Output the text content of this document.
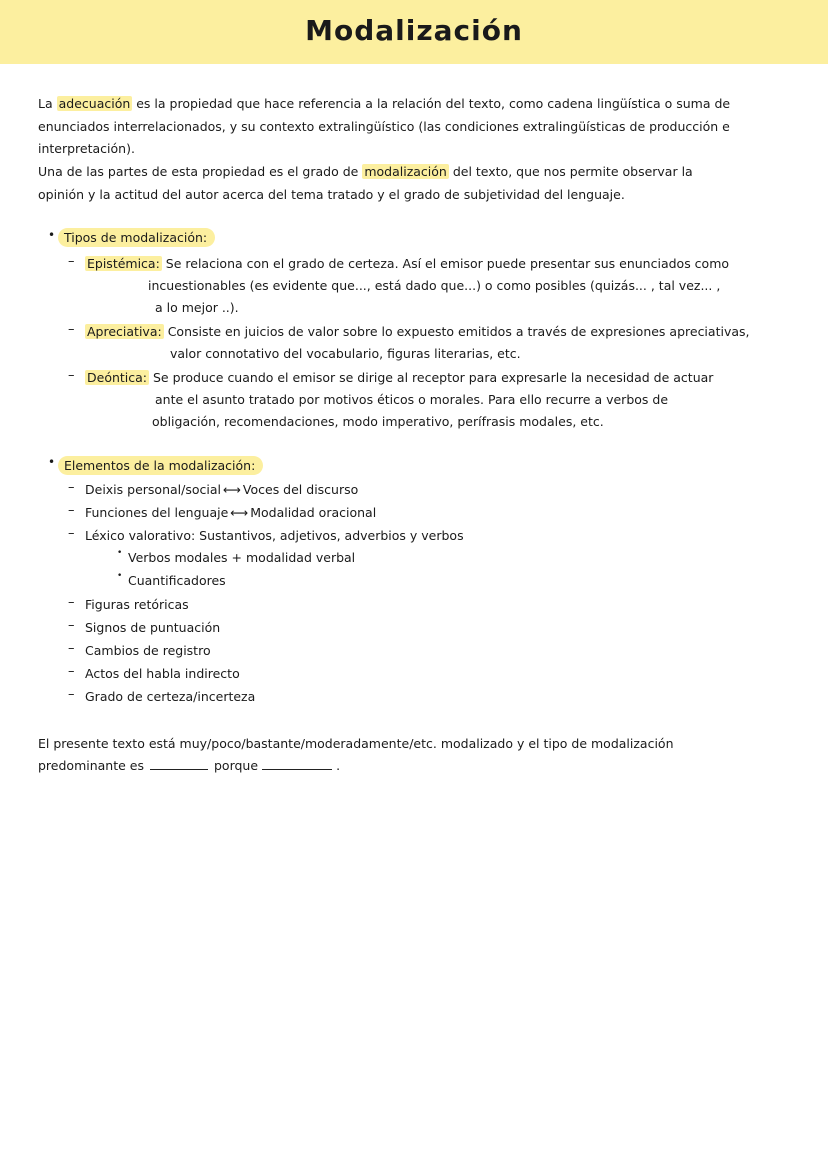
Modalización
La adecuación es la propiedad que hace referencia a la relación del texto, como cadena lingüística o suma de
enunciados interrelacionados, y su contexto extralingüístico (las condiciones extralingüísticas de producción e
interpretación).
Una de las partes de esta propiedad es el grado de modalización del texto, que nos permite observar la
opinión y la actitud del autor acerca del tema tratado y el grado de subjetividad del lenguaje.
• Tipos de modalización:
– Epistémica: Se relaciona con el grado de certeza. Así el emisor puede presentar sus enunciados como
incuestionables (es evidente que..., está dado que...) o como posibles (quizás... , tal vez... ,
a lo mejor ..).
– Apreciativa: Consiste en juicios de valor sobre lo expuesto emitidos a través de expresiones apreciativas,
valor connotativo del vocabulario, figuras literarias, etc.
– Deóntica: Se produce cuando el emisor se dirige al receptor para expresarle la necesidad de actuar
ante el asunto tratado por motivos éticos o morales. Para ello recurre a verbos de
obligación, recomendaciones, modo imperativo, perífrasis modales, etc.
• Elementos de la modalización:
– Deixis personal/social ⟷ Voces del discurso
– Funciones del lenguaje ⟷ Modalidad oracional
– Léxico valorativo: Sustantivos, adjetivos, adverbios y verbos
• Verbos modales + modalidad verbal
• Cuantificadores
– Figuras retóricas
– Signos de puntuación
– Cambios de registro
– Actos del habla indirecto
– Grado de certeza/incerteza
El presente texto está muy/poco/bastante/moderadamente/etc. modalizado y el tipo de modalización
predominante es	porque	.
